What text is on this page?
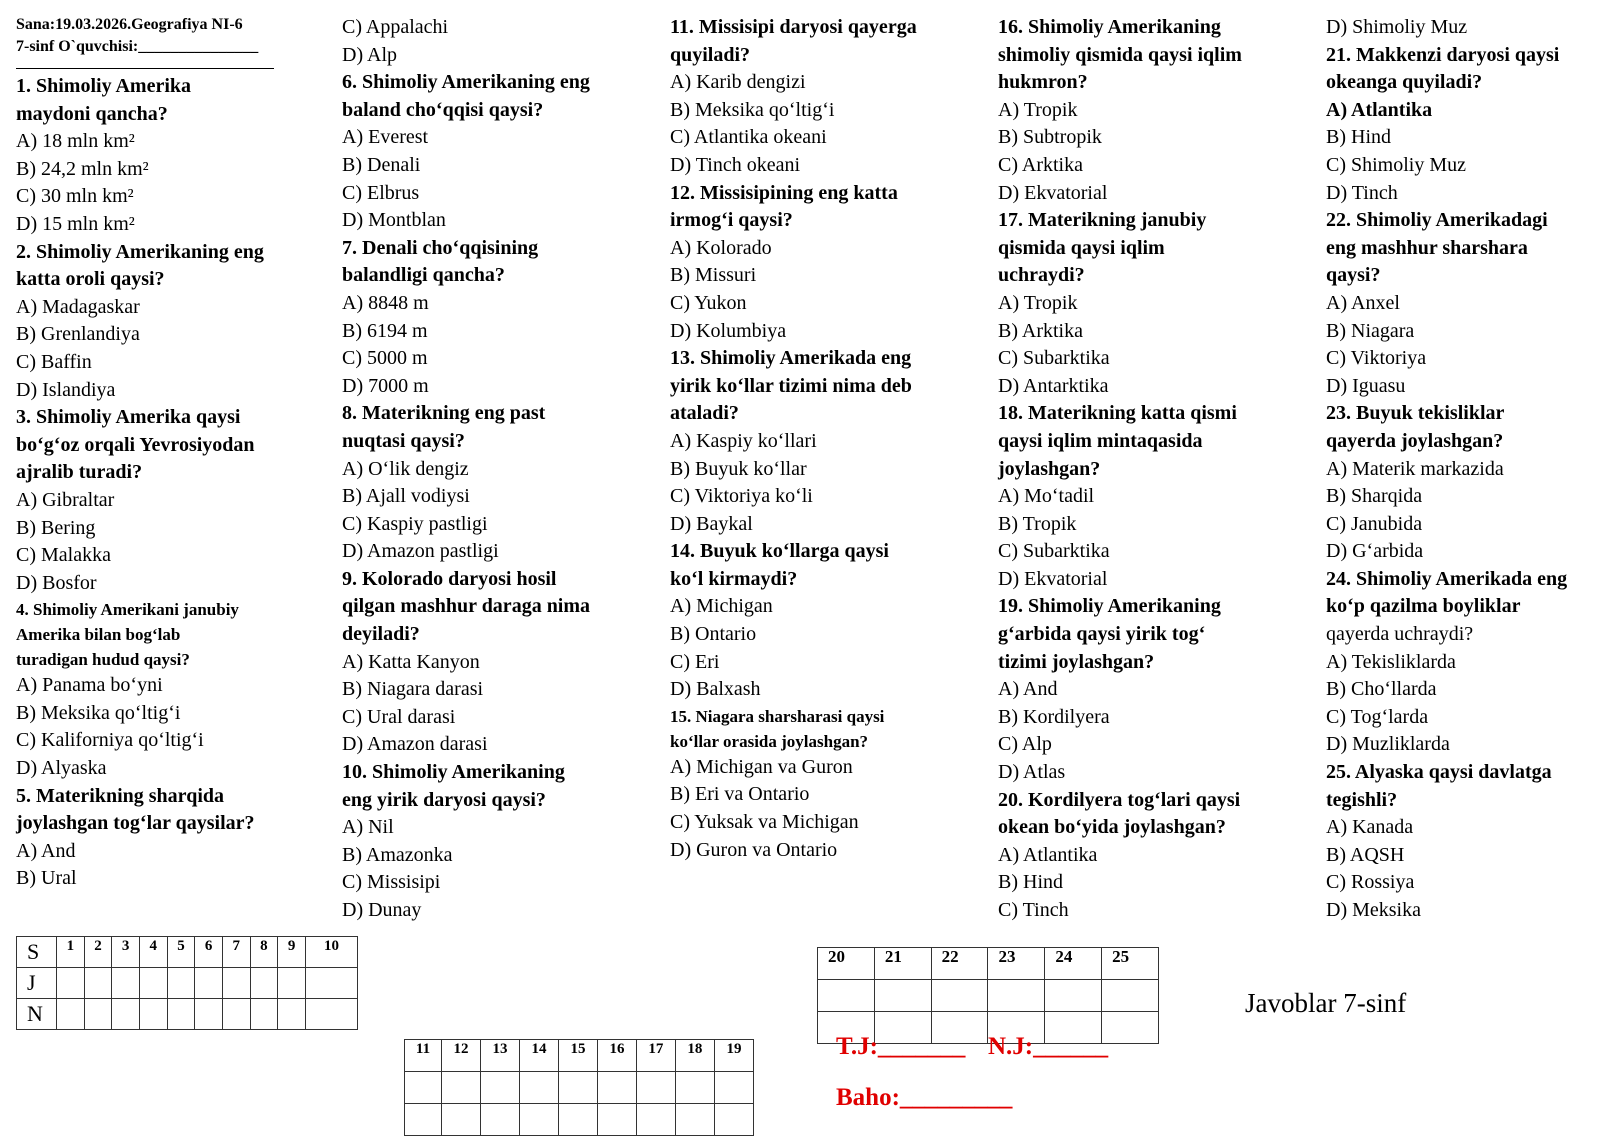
Sana:19.03.2026.Geografiya NI-6
7-sinf O`quvchisi:_______________
1. Shimoliy Amerika
maydoni qancha?
A) 18 mln km²
B) 24,2 mln km²
C) 30 mln km²
D) 15 mln km²
2. Shimoliy Amerikaning eng
katta oroli qaysi?
A) Madagaskar
B) Grenlandiya
C) Baffin
D) Islandiya
3. Shimoliy Amerika qaysi
bo‘g‘oz orqali Yevrosiyodan
ajralib turadi?
A) Gibraltar
B) Bering
C) Malakka
D) Bosfor
4. Shimoliy Amerikani janubiy
Amerika bilan bog‘lab
turadigan hudud qaysi?
A) Panama bo‘yni
B) Meksika qo‘ltig‘i
C) Kaliforniya qo‘ltig‘i
D) Alyaska
5. Materikning sharqida
joylashgan tog‘lar qaysilar?
A) And
B) Ural
C) Appalachi
D) Alp
6. Shimoliy Amerikaning eng
baland cho‘qqisi qaysi?
A) Everest
B) Denali
C) Elbrus
D) Montblan
7. Denali cho‘qqisining
balandligi qancha?
A) 8848 m
B) 6194 m
C) 5000 m
D) 7000 m
8. Materikning eng past
nuqtasi qaysi?
A) O‘lik dengiz
B) Ajall vodiysi
C) Kaspiy pastligi
D) Amazon pastligi
9. Kolorado daryosi hosil
qilgan mashhur daraga nima
deyiladi?
A) Katta Kanyon
B) Niagara darasi
C) Ural darasi
D) Amazon darasi
10. Shimoliy Amerikaning
eng yirik daryosi qaysi?
A) Nil
B) Amazonka
C) Missisipi
D) Dunay
11. Missisipi daryosi qayerga
quyiladi?
A) Karib dengizi
B) Meksika qo‘ltig‘i
C) Atlantika okeani
D) Tinch okeani
12. Missisipining eng katta
irmog‘i qaysi?
A) Kolorado
B) Missuri
C) Yukon
D) Kolumbiya
13. Shimoliy Amerikada eng
yirik ko‘llar tizimi nima deb
ataladi?
A) Kaspiy ko‘llari
B) Buyuk ko‘llar
C) Viktoriya ko‘li
D) Baykal
14. Buyuk ko‘llarga qaysi
ko‘l kirmaydi?
A) Michigan
B) Ontario
C) Eri
D) Balxash
15. Niagara sharsharasi qaysi
ko‘llar orasida joylashgan?
A) Michigan va Guron
B) Eri va Ontario
C) Yuksak va Michigan
D) Guron va Ontario
16. Shimoliy Amerikaning
shimoliy qismida qaysi iqlim
hukmron?
A) Tropik
B) Subtropik
C) Arktika
D) Ekvatorial
17. Materikning janubiy
qismida qaysi iqlim
uchraydi?
A) Tropik
B) Arktika
C) Subarktika
D) Antarktika
18. Materikning katta qismi
qaysi iqlim mintaqasida
joylashgan?
A) Mo‘tadil
B) Tropik
C) Subarktika
D) Ekvatorial
19. Shimoliy Amerikaning
g‘arbida qaysi yirik tog‘
tizimi joylashgan?
A) And
B) Kordilyera
C) Alp
D) Atlas
20. Kordilyera tog‘lari qaysi
okean bo‘yida joylashgan?
A) Atlantika
B) Hind
C) Tinch
D) Shimoliy Muz
21. Makkenzi daryosi qaysi
okeanga quyiladi?
A) Atlantika
B) Hind
C) Shimoliy Muz
D) Tinch
22. Shimoliy Amerikadagi
eng mashhur sharshara
qaysi?
A) Anxel
B) Niagara
C) Viktoriya
D) Iguasu
23. Buyuk tekisliklar
qayerda joylashgan?
A) Materik markazida
B) Sharqida
C) Janubida
D) G‘arbida
24. Shimoliy Amerikada eng
ko‘p qazilma boyliklar
qayerda uchraydi?
A) Tekisliklarda
B) Cho‘llarda
C) Tog‘larda
D) Muzliklarda
25. Alyaska qaysi davlatga
tegishli?
A) Kanada
B) AQSH
C) Rossiya
D) Meksika
S	1	2	3	4	5	6	7	8	9	10
J										
N										
11	12	13	14	15	16	17	18	19

20	21	22	23	24	25

T.J:_______ N.J:______
Baho:_________
Javoblar 7-sinf
